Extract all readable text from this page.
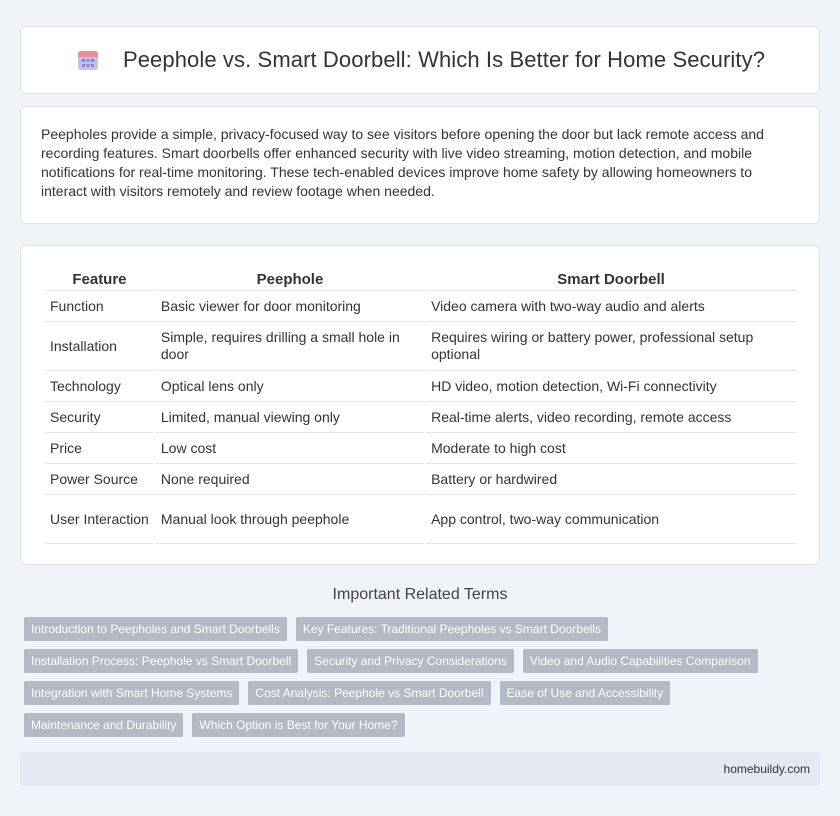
Peephole vs. Smart Doorbell: Which Is Better for Home Security?

Peepholes provide a simple, privacy-focused way to see visitors before opening the door but lack remote access and recording features. Smart doorbells offer enhanced security with live video streaming, motion detection, and mobile notifications for real-time monitoring. These tech-enabled devices improve home safety by allowing homeowners to interact with visitors remotely and review footage when needed.

Feature	Peephole	Smart Doorbell
Function	Basic viewer for door monitoring	Video camera with two-way audio and alerts
Installation	Simple, requires drilling a small hole in door	Requires wiring or battery power, professional setup optional
Technology	Optical lens only	HD video, motion detection, Wi-Fi connectivity
Security	Limited, manual viewing only	Real-time alerts, video recording, remote access
Price	Low cost	Moderate to high cost
Power Source	None required	Battery or hardwired
User Interaction	Manual look through peephole	App control, two-way communication
Important Related Terms
Introduction to Peepholes and Smart Doorbells	Key Features: Traditional Peepholes vs Smart Doorbells
Installation Process: Peephole vs Smart Doorbell	Security and Privacy Considerations	Video and Audio Capabilities Comparison
Integration with Smart Home Systems	Cost Analysis: Peephole vs Smart Doorbell	Ease of Use and Accessibility
Maintenance and Durability	Which Option is Best for Your Home?
homebuildy.com
